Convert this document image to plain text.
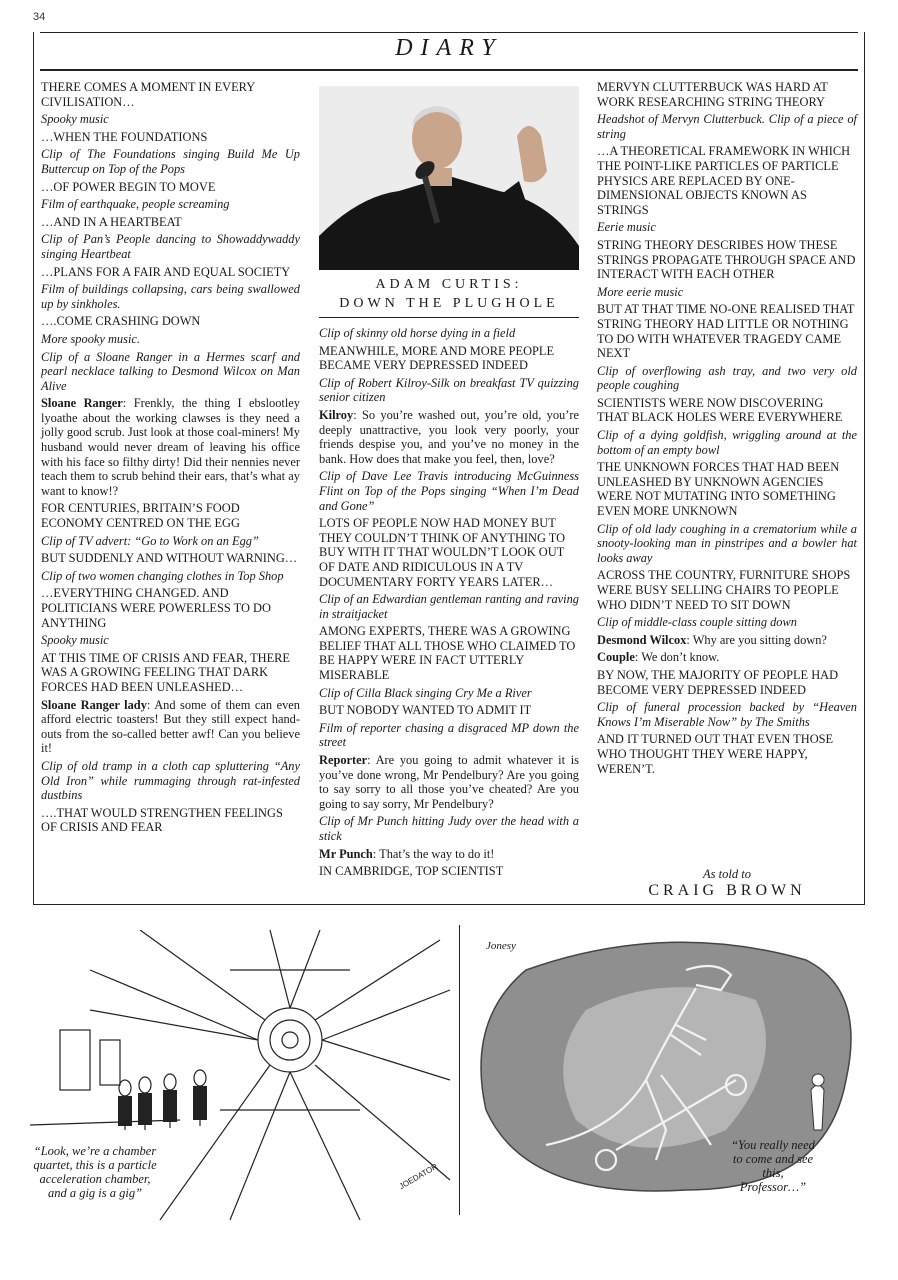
34
DIARY

THERE COMES A MOMENT IN EVERY CIVILISATION…

Spooky music

…WHEN THE FOUNDATIONS

Clip of The Foundations singing Build Me Up Buttercup on Top of the Pops

…OF POWER BEGIN TO MOVE

Film of earthquake, people screaming

…AND IN A HEARTBEAT

Clip of Pan’s People dancing to Showaddywaddy singing Heartbeat

…PLANS FOR A FAIR AND EQUAL SOCIETY

Film of buildings collapsing, cars being swallowed up by sinkholes.

….COME CRASHING DOWN

More spooky music.

Clip of a Sloane Ranger in a Hermes scarf and pearl necklace talking to Desmond Wilcox on Man Alive

Sloane Ranger: Frenkly, the thing I ebslootley lyoathe about the working clawses is they need a jolly good scrub. Just look at those coal-miners! My husband would never dream of leaving his office with his face so filthy dirty! Did their nennies never teach them to scrub behind their ears, that’s what ay want to know!?

FOR CENTURIES, BRITAIN’S FOOD ECONOMY CENTRED ON THE EGG

Clip of TV advert: “Go to Work on an Egg”

BUT SUDDENLY AND WITHOUT WARNING…

Clip of two women changing clothes in Top Shop

…EVERYTHING CHANGED. AND POLITICIANS WERE POWERLESS TO DO ANYTHING

Spooky music

AT THIS TIME OF CRISIS AND FEAR, THERE WAS A GROWING FEELING THAT DARK FORCES HAD BEEN UNLEASHED…

Sloane Ranger lady: And some of them can even afford electric toasters! But they still expect hand-outs from the so-called better awf! Can you believe it!

Clip of old tramp in a cloth cap spluttering “Any Old Iron” while rummaging through rat-infested dustbins

….THAT WOULD STRENGTHEN FEELINGS OF CRISIS AND FEAR

ADAM CURTIS:
DOWN THE PLUGHOLE

Clip of skinny old horse dying in a field

MEANWHILE, MORE AND MORE PEOPLE BECAME VERY DEPRESSED INDEED

Clip of Robert Kilroy-Silk on breakfast TV quizzing senior citizen

Kilroy: So you’re washed out, you’re old, you’re deeply unattractive, you look very poorly, your friends despise you, and you’ve no money in the bank. How does that make you feel, then, love?

Clip of Dave Lee Travis introducing McGuinness Flint on Top of the Pops singing “When I’m Dead and Gone”

LOTS OF PEOPLE NOW HAD MONEY BUT THEY COULDN’T THINK OF ANYTHING TO BUY WITH IT THAT WOULDN’T LOOK OUT OF DATE AND RIDICULOUS IN A TV DOCUMENTARY FORTY YEARS LATER…

Clip of an Edwardian gentleman ranting and raving in straitjacket

AMONG EXPERTS, THERE WAS A GROWING BELIEF THAT ALL THOSE WHO CLAIMED TO BE HAPPY WERE IN FACT UTTERLY MISERABLE

Clip of Cilla Black singing Cry Me a River

BUT NOBODY WANTED TO ADMIT IT

Film of reporter chasing a disgraced MP down the street

Reporter: Are you going to admit whatever it is you’ve done wrong, Mr Pendelbury? Are you going to say sorry to all those you’ve cheated? Are you going to say sorry, Mr Pendelbury?

Clip of Mr Punch hitting Judy over the head with a stick

Mr Punch: That’s the way to do it!

IN CAMBRIDGE, TOP SCIENTIST

MERVYN CLUTTERBUCK WAS HARD AT WORK RESEARCHING STRING THEORY

Headshot of Mervyn Clutterbuck. Clip of a piece of string

…A THEORETICAL FRAMEWORK IN WHICH THE POINT-LIKE PARTICLES OF PARTICLE PHYSICS ARE REPLACED BY ONE-DIMENSIONAL OBJECTS KNOWN AS STRINGS

Eerie music

STRING THEORY DESCRIBES HOW THESE STRINGS PROPAGATE THROUGH SPACE AND INTERACT WITH EACH OTHER

More eerie music

BUT AT THAT TIME NO-ONE REALISED THAT STRING THEORY HAD LITTLE OR NOTHING TO DO WITH WHATEVER TRAGEDY CAME NEXT

Clip of overflowing ash tray, and two very old people coughing

SCIENTISTS WERE NOW DISCOVERING THAT BLACK HOLES WERE EVERYWHERE

Clip of a dying goldfish, wriggling around at the bottom of an empty bowl

THE UNKNOWN FORCES THAT HAD BEEN UNLEASHED BY UNKNOWN AGENCIES WERE NOT MUTATING INTO SOMETHING EVEN MORE UNKNOWN

Clip of old lady coughing in a crematorium while a snooty-looking man in pinstripes and a bowler hat looks away

ACROSS THE COUNTRY, FURNITURE SHOPS WERE BUSY SELLING CHAIRS TO PEOPLE WHO DIDN’T NEED TO SIT DOWN

Clip of middle-class couple sitting down

Desmond Wilcox: Why are you sitting down?

Couple: We don’t know.

BY NOW, THE MAJORITY OF PEOPLE HAD BECOME VERY DEPRESSED INDEED

Clip of funeral procession backed by “Heaven Knows I’m Miserable Now” by The Smiths

AND IT TURNED OUT THAT EVEN THOSE WHO THOUGHT THEY WERE HAPPY, WEREN’T.

As told to
CRAIG BROWN
“Look, we’re a chamber quartet, this is a particle acceleration chamber, and a gig is a gig”
JOEDATOR
“You really need to come and see this, Professor…”
Jonesy
